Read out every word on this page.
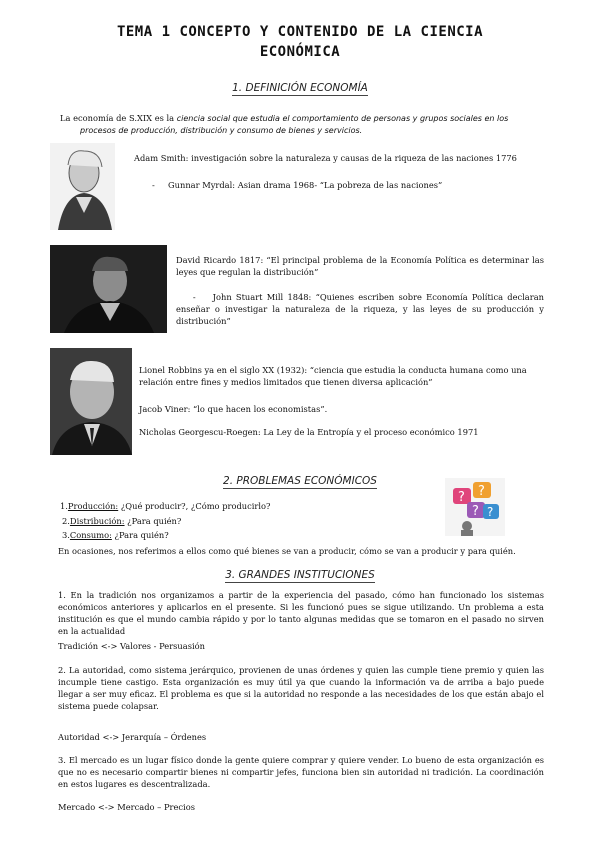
TEMA 1 CONCEPTO Y CONTENIDO DE LA CIENCIA
ECONÓMICA
1. DEFINICIÓN ECONOMÍA
La economía de S.XIX es la ciencia social que estudia el comportamiento de personas y grupos sociales en los
procesos de producción, distribución y consumo de bienes y servicios.
Adam Smith: investigación sobre la naturaleza y causas de la riqueza de las naciones 1776
-     Gunnar Myrdal: Asian drama 1968- “La pobreza de las naciones”
David Ricardo 1817: “El principal problema de la Economía Política es determinar las leyes que regulan la distribución”
-    John Stuart Mill 1848: “Quienes escriben sobre Economía Política declaran enseñar o investigar la naturaleza de la riqueza, y las leyes de su producción y distribución”
Lionel Robbins ya en el siglo XX (1932): “ciencia que estudia la conducta humana como una relación entre fines y medios limitados que tienen diversa aplicación”
Jacob Viner: “lo que hacen los economistas”.
Nicholas Georgescu-Roegen: La Ley de la Entropía y el proceso económico 1971
2. PROBLEMAS ECONÓMICOS
? ?
? ?
1.Producción: ¿Qué producir?, ¿Cómo producirlo?
2.Distribución: ¿Para quién?
3.Consumo: ¿Para quién?
En ocasiones, nos referimos a ellos como qué bienes se van a producir, cómo se van a producir y para quién.
3. GRANDES INSTITUCIONES
1. En la tradición nos organizamos a partir de la experiencia del pasado, cómo han funcionado los sistemas económicos anteriores y aplicarlos en el presente. Si les funcionó pues se sigue utilizando. Un problema a esta institución es que el mundo cambia rápido y por lo tanto algunas medidas que se tomaron en el pasado no sirven en la actualidad
Tradición <-> Valores - Persuasión
2. La autoridad, como sistema jerárquico, provienen de unas órdenes y quien las cumple tiene premio y quien las incumple tiene castigo. Esta organización es muy útil ya que cuando la información va de arriba a bajo puede llegar a ser muy eficaz. El problema es que si la autoridad no responde a las necesidades de los que están abajo el sistema puede colapsar.
Autoridad <-> Jerarquía – Órdenes
3. El mercado es un lugar físico donde la gente quiere comprar y quiere vender. Lo bueno de esta organización es que no es necesario compartir bienes ni compartir jefes, funciona bien sin autoridad ni tradición. La coordinación en estos lugares es descentralizada.
Mercado <-> Mercado – Precios
